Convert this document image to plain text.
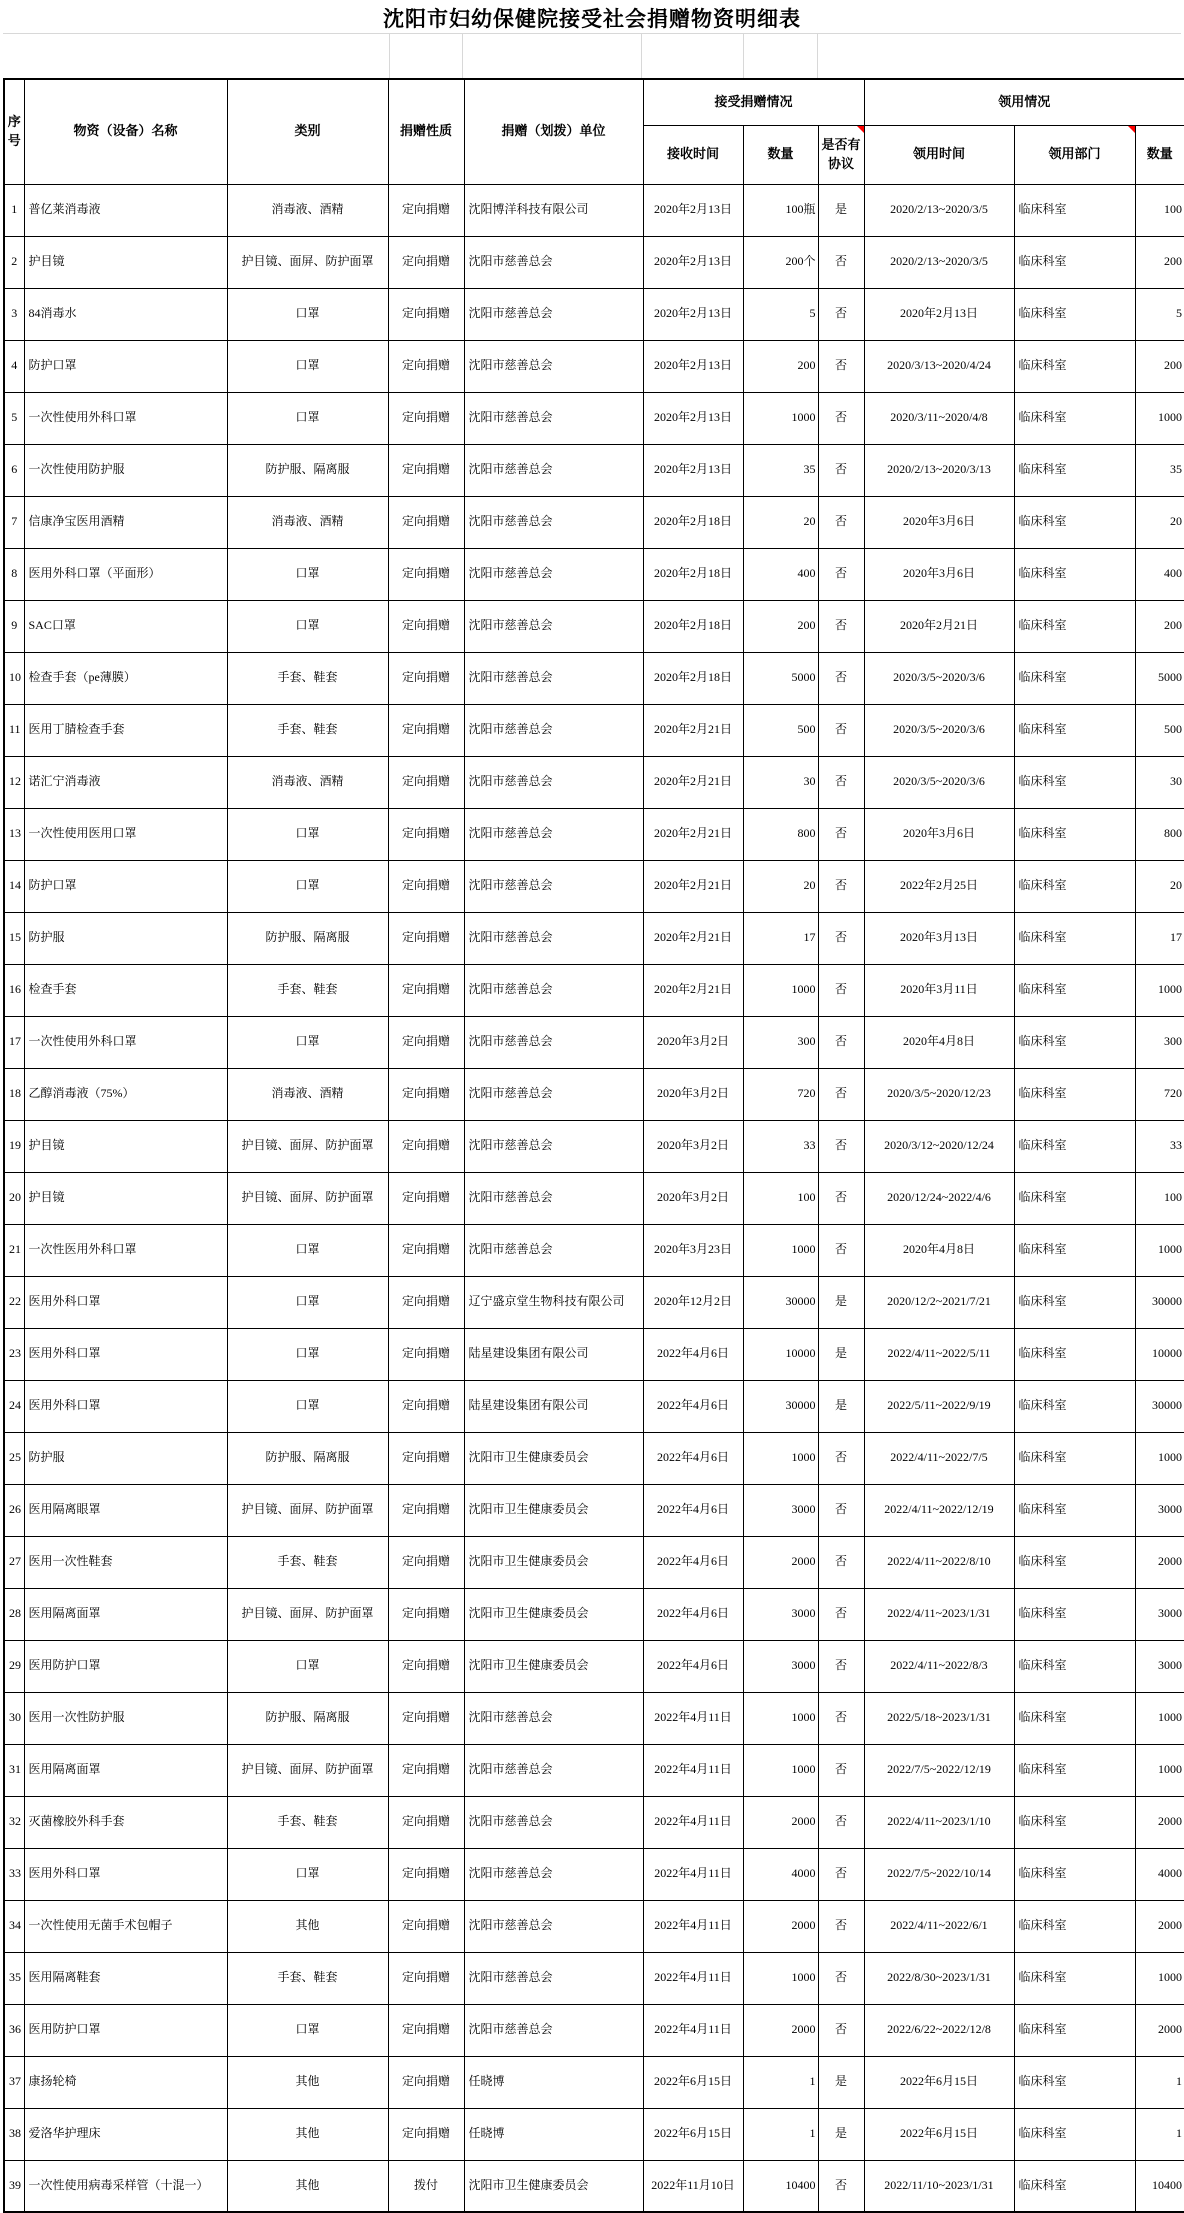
沈阳市妇幼保健院接受社会捐赠物资明细表
序号	物资（设备）名称	类别	捐赠性质	捐赠（划拨）单位	接受捐赠情况			领用情况		
					接收时间	数量	是否有协议	领用时间	领用部门	数量
1	普亿莱消毒液	消毒液、酒精	定向捐赠	沈阳博洋科技有限公司	2020年2月13日	100瓶	是	2020/2/13~2020/3/5	临床科室	100
2	护目镜	护目镜、面屏、防护面罩	定向捐赠	沈阳市慈善总会	2020年2月13日	200个	否	2020/2/13~2020/3/5	临床科室	200
3	84消毒水	口罩	定向捐赠	沈阳市慈善总会	2020年2月13日	5	否	2020年2月13日	临床科室	5
4	防护口罩	口罩	定向捐赠	沈阳市慈善总会	2020年2月13日	200	否	2020/3/13~2020/4/24	临床科室	200
5	一次性使用外科口罩	口罩	定向捐赠	沈阳市慈善总会	2020年2月13日	1000	否	2020/3/11~2020/4/8	临床科室	1000
6	一次性使用防护服	防护服、隔离服	定向捐赠	沈阳市慈善总会	2020年2月13日	35	否	2020/2/13~2020/3/13	临床科室	35
7	信康净宝医用酒精	消毒液、酒精	定向捐赠	沈阳市慈善总会	2020年2月18日	20	否	2020年3月6日	临床科室	20
8	医用外科口罩（平面形）	口罩	定向捐赠	沈阳市慈善总会	2020年2月18日	400	否	2020年3月6日	临床科室	400
9	SAC口罩	口罩	定向捐赠	沈阳市慈善总会	2020年2月18日	200	否	2020年2月21日	临床科室	200
10	检查手套（pe薄膜）	手套、鞋套	定向捐赠	沈阳市慈善总会	2020年2月18日	5000	否	2020/3/5~2020/3/6	临床科室	5000
11	医用丁腈检查手套	手套、鞋套	定向捐赠	沈阳市慈善总会	2020年2月21日	500	否	2020/3/5~2020/3/6	临床科室	500
12	诺汇宁消毒液	消毒液、酒精	定向捐赠	沈阳市慈善总会	2020年2月21日	30	否	2020/3/5~2020/3/6	临床科室	30
13	一次性使用医用口罩	口罩	定向捐赠	沈阳市慈善总会	2020年2月21日	800	否	2020年3月6日	临床科室	800
14	防护口罩	口罩	定向捐赠	沈阳市慈善总会	2020年2月21日	20	否	2022年2月25日	临床科室	20
15	防护服	防护服、隔离服	定向捐赠	沈阳市慈善总会	2020年2月21日	17	否	2020年3月13日	临床科室	17
16	检查手套	手套、鞋套	定向捐赠	沈阳市慈善总会	2020年2月21日	1000	否	2020年3月11日	临床科室	1000
17	一次性使用外科口罩	口罩	定向捐赠	沈阳市慈善总会	2020年3月2日	300	否	2020年4月8日	临床科室	300
18	乙醇消毒液（75%）	消毒液、酒精	定向捐赠	沈阳市慈善总会	2020年3月2日	720	否	2020/3/5~2020/12/23	临床科室	720
19	护目镜	护目镜、面屏、防护面罩	定向捐赠	沈阳市慈善总会	2020年3月2日	33	否	2020/3/12~2020/12/24	临床科室	33
20	护目镜	护目镜、面屏、防护面罩	定向捐赠	沈阳市慈善总会	2020年3月2日	100	否	2020/12/24~2022/4/6	临床科室	100
21	一次性医用外科口罩	口罩	定向捐赠	沈阳市慈善总会	2020年3月23日	1000	否	2020年4月8日	临床科室	1000
22	医用外科口罩	口罩	定向捐赠	辽宁盛京堂生物科技有限公司	2020年12月2日	30000	是	2020/12/2~2021/7/21	临床科室	30000
23	医用外科口罩	口罩	定向捐赠	陆星建设集团有限公司	2022年4月6日	10000	是	2022/4/11~2022/5/11	临床科室	10000
24	医用外科口罩	口罩	定向捐赠	陆星建设集团有限公司	2022年4月6日	30000	是	2022/5/11~2022/9/19	临床科室	30000
25	防护服	防护服、隔离服	定向捐赠	沈阳市卫生健康委员会	2022年4月6日	1000	否	2022/4/11~2022/7/5	临床科室	1000
26	医用隔离眼罩	护目镜、面屏、防护面罩	定向捐赠	沈阳市卫生健康委员会	2022年4月6日	3000	否	2022/4/11~2022/12/19	临床科室	3000
27	医用一次性鞋套	手套、鞋套	定向捐赠	沈阳市卫生健康委员会	2022年4月6日	2000	否	2022/4/11~2022/8/10	临床科室	2000
28	医用隔离面罩	护目镜、面屏、防护面罩	定向捐赠	沈阳市卫生健康委员会	2022年4月6日	3000	否	2022/4/11~2023/1/31	临床科室	3000
29	医用防护口罩	口罩	定向捐赠	沈阳市卫生健康委员会	2022年4月6日	3000	否	2022/4/11~2022/8/3	临床科室	3000
30	医用一次性防护服	防护服、隔离服	定向捐赠	沈阳市慈善总会	2022年4月11日	1000	否	2022/5/18~2023/1/31	临床科室	1000
31	医用隔离面罩	护目镜、面屏、防护面罩	定向捐赠	沈阳市慈善总会	2022年4月11日	1000	否	2022/7/5~2022/12/19	临床科室	1000
32	灭菌橡胶外科手套	手套、鞋套	定向捐赠	沈阳市慈善总会	2022年4月11日	2000	否	2022/4/11~2023/1/10	临床科室	2000
33	医用外科口罩	口罩	定向捐赠	沈阳市慈善总会	2022年4月11日	4000	否	2022/7/5~2022/10/14	临床科室	4000
34	一次性使用无菌手术包帽子	其他	定向捐赠	沈阳市慈善总会	2022年4月11日	2000	否	2022/4/11~2022/6/1	临床科室	2000
35	医用隔离鞋套	手套、鞋套	定向捐赠	沈阳市慈善总会	2022年4月11日	1000	否	2022/8/30~2023/1/31	临床科室	1000
36	医用防护口罩	口罩	定向捐赠	沈阳市慈善总会	2022年4月11日	2000	否	2022/6/22~2022/12/8	临床科室	2000
37	康扬轮椅	其他	定向捐赠	任晓博	2022年6月15日	1	是	2022年6月15日	临床科室	1
38	爱洛华护理床	其他	定向捐赠	任晓博	2022年6月15日	1	是	2022年6月15日	临床科室	1
39	一次性使用病毒采样管（十混一）	其他	拨付	沈阳市卫生健康委员会	2022年11月10日	10400	否	2022/11/10~2023/1/31	临床科室	10400
